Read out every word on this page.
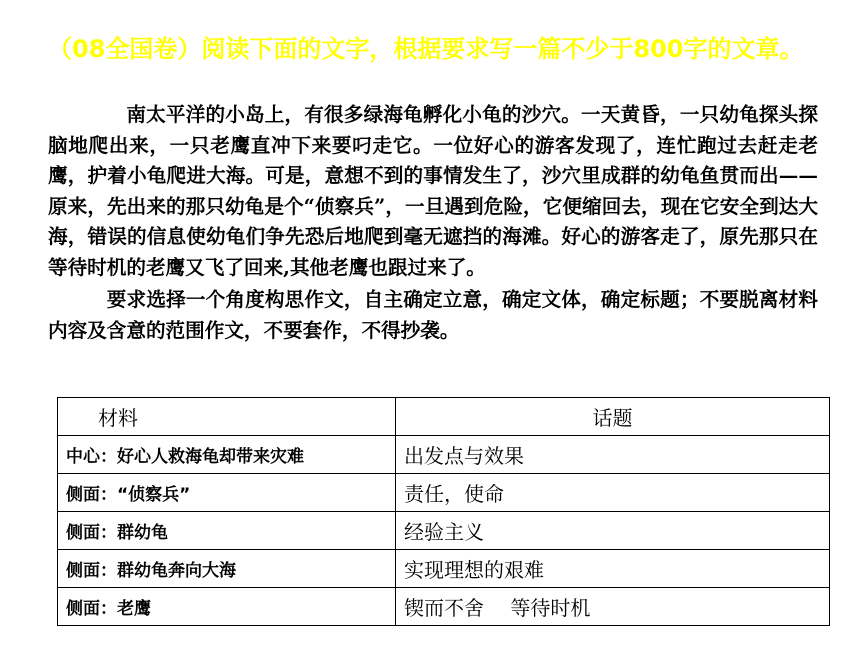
（08全国卷）阅读下面的文字，根据要求写一篇不少于800字的文章。

南太平洋的小岛上，有很多绿海龟孵化小龟的沙穴。一天黄昏，一只幼龟探头探脑地爬出来，一只老鹰直冲下来要叼走它。一位好心的游客发现了，连忙跑过去赶走老鹰，护着小龟爬进大海。可是，意想不到的事情发生了，沙穴里成群的幼龟鱼贯而出——原来，先出来的那只幼龟是个“侦察兵”，一旦遇到危险，它便缩回去，现在它安全到达大海，错误的信息使幼龟们争先恐后地爬到毫无遮挡的海滩。好心的游客走了，原先那只在等待时机的老鹰又飞了回来,其他老鹰也跟过来了。

要求选择一个角度构思作文，自主确定立意，确定文体，确定标题；不要脱离材料内容及含意的范围作文，不要套作，不得抄袭。

材料	话题
中心：好心人救海龟却带来灾难	出发点与效果
侧面：“侦察兵”	责任，使命
侧面：群幼龟	经验主义
侧面：群幼龟奔向大海	实现理想的艰难
侧面：老鹰	锲而不舍　 等待时机
